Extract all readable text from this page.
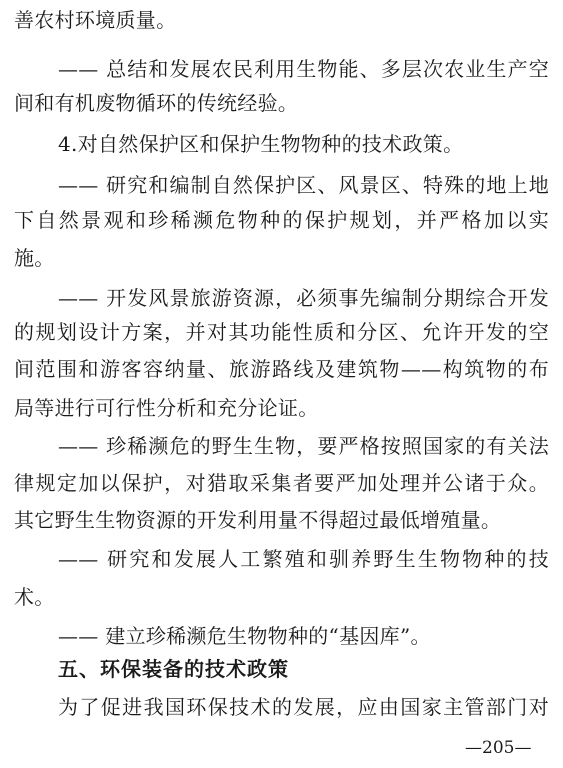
善农村环境质量。
—— 总结和发展农民利用生物能、多层次农业生产空
间和有机废物循环的传统经验。
4.对自然保护区和保护生物物种的技术政策。
—— 研究和编制自然保护区、风景区、特殊的地上地
下自然景观和珍稀濒危物种的保护规划，并严格加以实
施。
—— 开发风景旅游资源，必须事先编制分期综合开发
的规划设计方案，并对其功能性质和分区、允许开发的空
间范围和游客容纳量、旅游路线及建筑物——构筑物的布
局等进行可行性分析和充分论证。
—— 珍稀濒危的野生生物，要严格按照国家的有关法
律规定加以保护，对猎取采集者要严加处理并公诸于众。
其它野生生物资源的开发利用量不得超过最低增殖量。
—— 研究和发展人工繁殖和驯养野生生物物种的技
术。
—— 建立珍稀濒危生物物种的“基因库”。
五、环保装备的技术政策
为了促进我国环保技术的发展，应由国家主管部门对
—205—
